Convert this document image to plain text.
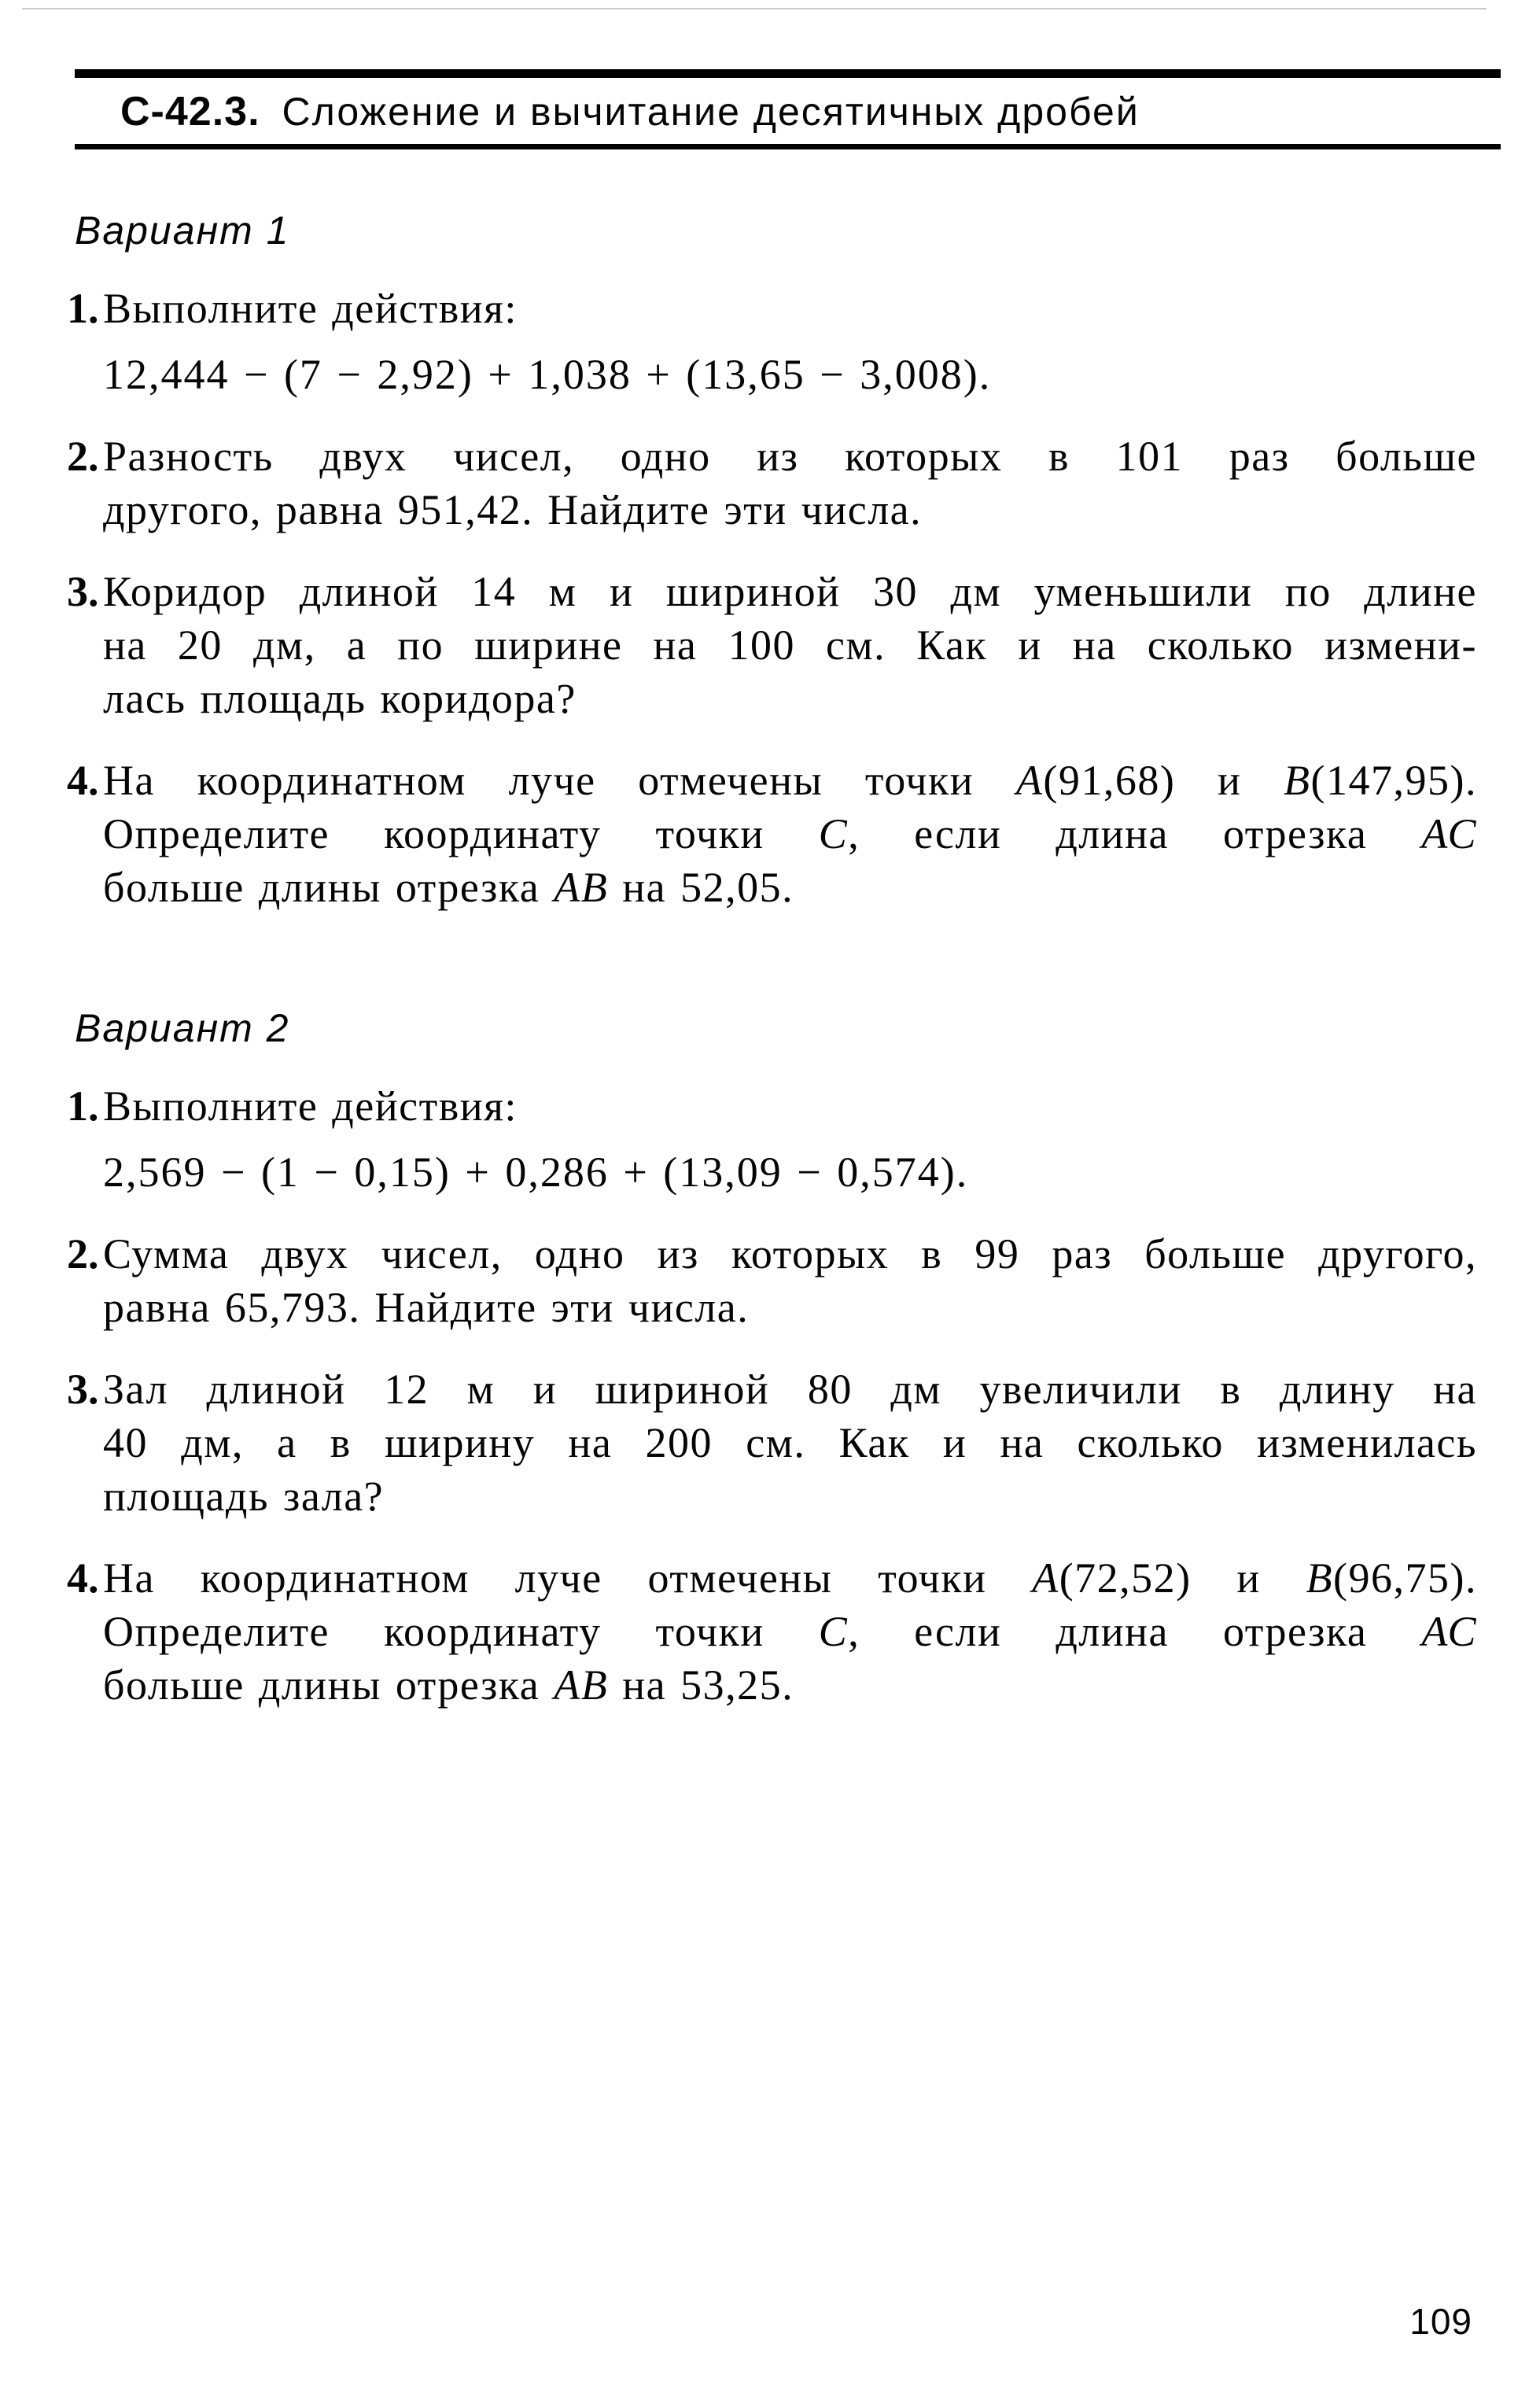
С-42.3. Сложение и вычитание десятичных дробей
Вариант 1
1. Выполните действия:
12,444 − (7 − 2,92) + 1,038 + (13,65 − 3,008).
2. Разность двух чисел, одно из которых в 101 раз больше
другого, равна 951,42. Найдите эти числа.
3. Коридор длиной 14 м и шириной 30 дм уменьшили по длине
на 20 дм, а по ширине на 100 см. Как и на сколько измени-
лась площадь коридора?
4. На координатном луче отмечены точки А(91,68) и В(147,95).
Определите координату точки С, если длина отрезка АС
больше длины отрезка АВ на 52,05.
Вариант 2
1. Выполните действия:
2,569 − (1 − 0,15) + 0,286 + (13,09 − 0,574).
2. Сумма двух чисел, одно из которых в 99 раз больше другого,
равна 65,793. Найдите эти числа.
3. Зал длиной 12 м и шириной 80 дм увеличили в длину на
40 дм, а в ширину на 200 см. Как и на сколько изменилась
площадь зала?
4. На координатном луче отмечены точки А(72,52) и В(96,75).
Определите координату точки С, если длина отрезка АС
больше длины отрезка АВ на 53,25.
109
